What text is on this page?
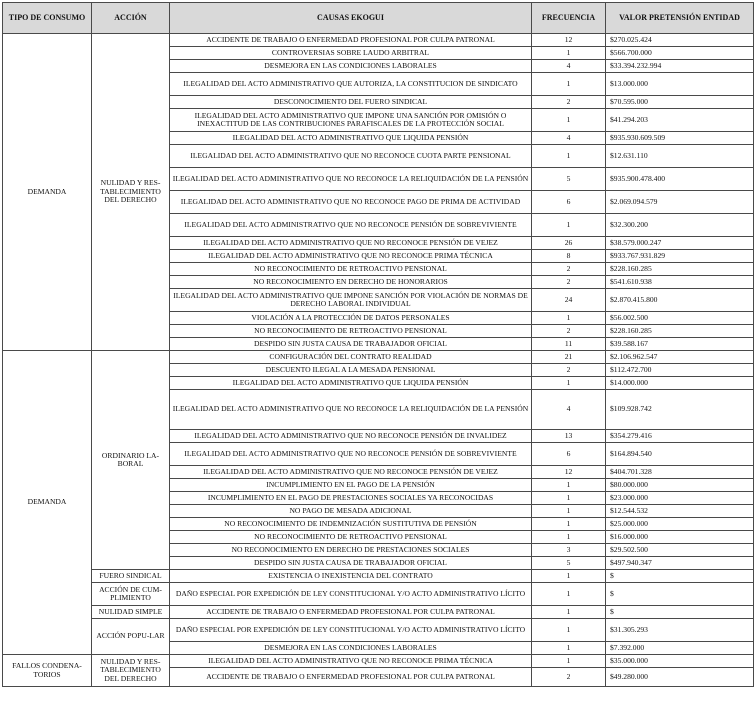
TIPO DE CONSUMO	ACCIÓN	CAUSAS EKOGUI	FRECUENCIA	VALOR PRETENSIÓN ENTIDAD
DEMANDA	NULIDAD Y RES-TABLECIMIENTO DEL DERECHO	ACCIDENTE DE TRABAJO O ENFERMEDAD PROFESIONAL POR CULPA PATRONAL	12	$270.025.424
		CONTROVERSIAS SOBRE LAUDO ARBITRAL	1	$566.700.000
		DESMEJORA EN LAS CONDICIONES LABORALES	4	$33.394.232.994
		ILEGALIDAD DEL ACTO ADMINISTRATIVO QUE AUTORIZA, LA CONSTITUCION DE SINDICATO	1	$13.000.000
		DESCONOCIMIENTO DEL FUERO SINDICAL	2	$70.595.000
		ILEGALIDAD DEL ACTO ADMINISTRATIVO QUE IMPONE UNA SANCIÓN POR OMISIÓN O INEXACTITUD DE LAS CONTRIBUCIONES PARAFISCALES DE LA PROTECCIÓN SOCIAL	1	$41.294.203
		ILEGALIDAD DEL ACTO ADMINISTRATIVO QUE LIQUIDA PENSIÓN	4	$935.930.609.509
		ILEGALIDAD DEL ACTO ADMINISTRATIVO QUE NO RECONOCE CUOTA PARTE PENSIONAL	1	$12.631.110
		ILEGALIDAD DEL ACTO ADMINISTRATIVO QUE NO RECONOCE LA RELIQUIDACIÓN DE LA PENSIÓN	5	$935.900.478.400
		ILEGALIDAD DEL ACTO ADMINISTRATIVO QUE NO RECONOCE PAGO DE PRIMA DE ACTIVIDAD	6	$2.069.094.579
		ILEGALIDAD DEL ACTO ADMINISTRATIVO QUE NO RECONOCE PENSIÓN DE SOBREVIVIENTE	1	$32.300.200
		ILEGALIDAD DEL ACTO ADMINISTRATIVO QUE NO RECONOCE PENSIÓN DE VEJEZ	26	$38.579.000.247
		ILEGALIDAD DEL ACTO ADMINISTRATIVO QUE NO RECONOCE PRIMA TÉCNICA	8	$933.767.931.829
		NO RECONOCIMIENTO DE RETROACTIVO PENSIONAL	2	$228.160.285
		NO RECONOCIMIENTO EN DERECHO DE HONORARIOS	2	$541.610.938
		ILEGALIDAD DEL ACTO ADMINISTRATIVO QUE IMPONE SANCIÓN POR VIOLACIÓN DE NORMAS DE DERECHO LABORAL INDIVIDUAL	24	$2.870.415.800
		VIOLACIÓN A LA PROTECCIÓN DE DATOS PERSONALES	1	$56.002.500
		NO RECONOCIMIENTO DE RETROACTIVO PENSIONAL	2	$228.160.285
		DESPIDO SIN JUSTA CAUSA DE TRABAJADOR OFICIAL	11	$39.588.167
DEMANDA	ORDINARIO LA-BORAL	CONFIGURACIÓN DEL CONTRATO REALIDAD	21	$2.106.962.547
		DESCUENTO ILEGAL A LA MESADA PENSIONAL	2	$112.472.700
		ILEGALIDAD DEL ACTO ADMINISTRATIVO QUE LIQUIDA PENSIÓN	1	$14.000.000
		ILEGALIDAD DEL ACTO ADMINISTRATIVO QUE NO RECONOCE LA RELIQUIDACIÓN DE LA PENSIÓN	4	$109.928.742
		ILEGALIDAD DEL ACTO ADMINISTRATIVO QUE NO RECONOCE PENSIÓN DE INVALIDEZ	13	$354.279.416
		ILEGALIDAD DEL ACTO ADMINISTRATIVO QUE NO RECONOCE PENSIÓN DE SOBREVIVIENTE	6	$164.894.540
		ILEGALIDAD DEL ACTO ADMINISTRATIVO QUE NO RECONOCE PENSIÓN DE VEJEZ	12	$404.701.328
		INCUMPLIMIENTO EN EL PAGO DE LA PENSIÓN	1	$80.000.000
		INCUMPLIMIENTO EN EL PAGO DE PRESTACIONES SOCIALES YA RECONOCIDAS	1	$23.000.000
		NO PAGO DE MESADA ADICIONAL	1	$12.544.532
		NO RECONOCIMIENTO DE INDEMNIZACIÓN SUSTITUTIVA DE PENSIÓN	1	$25.000.000
		NO RECONOCIMIENTO DE RETROACTIVO PENSIONAL	1	$16.000.000
		NO RECONOCIMIENTO EN DERECHO DE PRESTACIONES SOCIALES	3	$29.502.500
		DESPIDO SIN JUSTA CAUSA DE TRABAJADOR OFICIAL	5	$497.940.347
	FUERO SINDICAL	EXISTENCIA O INEXISTENCIA DEL CONTRATO	1	$
	ACCIÓN DE CUM-PLIMIENTO	DAÑO ESPECIAL POR EXPEDICIÓN DE LEY CONSTITUCIONAL Y/O ACTO ADMINISTRATIVO LÍCITO	1	$
	NULIDAD SIMPLE	ACCIDENTE DE TRABAJO O ENFERMEDAD PROFESIONAL POR CULPA PATRONAL	1	$
	ACCIÓN POPU-LAR	DAÑO ESPECIAL POR EXPEDICIÓN DE LEY CONSTITUCIONAL Y/O ACTO ADMINISTRATIVO LÍCITO	1	$31.305.293
		DESMEJORA EN LAS CONDICIONES LABORALES	1	$7.392.000
FALLOS CONDENA-TORIOS	NULIDAD Y RES-TABLECIMIENTO DEL DERECHO	ILEGALIDAD DEL ACTO ADMINISTRATIVO QUE NO RECONOCE PRIMA TÉCNICA	1	$35.000.000
		ACCIDENTE DE TRABAJO O ENFERMEDAD PROFESIONAL POR CULPA PATRONAL	2	$49.280.000
